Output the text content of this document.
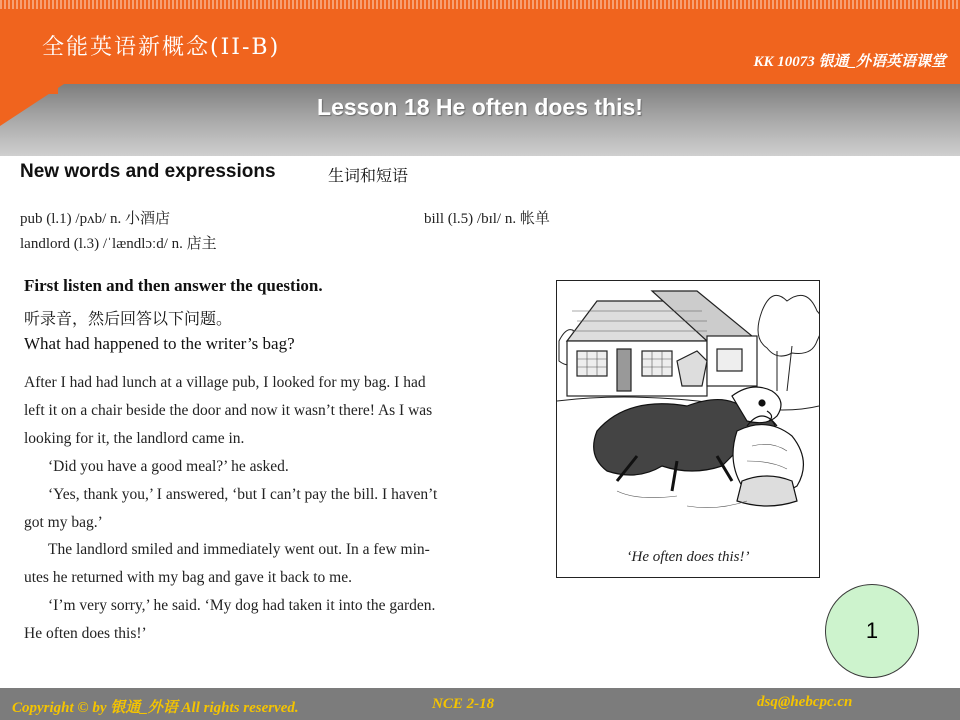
全能英语新概念(II-B)
KK 10073 银通_外语英语课堂
Lesson 18 He often does this!
New words and expressions	生词和短语
pub (l.1) /pʌb/ n. 小酒店	bill (l.5) /bɪl/ n. 帐单
landlord (l.3) /ˈlændlɔːd/ n. 店主
First listen and then answer the question.
听录音，然后回答以下问题。
What had happened to the writer’s bag?
After I had had lunch at a village pub, I looked for my bag. I had
left it on a chair beside the door and now it wasn’t there! As I was
looking for it, the landlord came in.
‘Did you have a good meal?’ he asked.
‘Yes, thank you,’ I answered, ‘but I can’t pay the bill. I haven’t
got my bag.’
The landlord smiled and immediately went out. In a few min-
utes he returned with my bag and gave it back to me.
‘I’m very sorry,’ he said. ‘My dog had taken it into the garden.
He often does this!’
‘He often does this!’
1
Copyright © by 银通_外语 All rights reserved.	NCE 2-18	dsq@hebcpc.cn
